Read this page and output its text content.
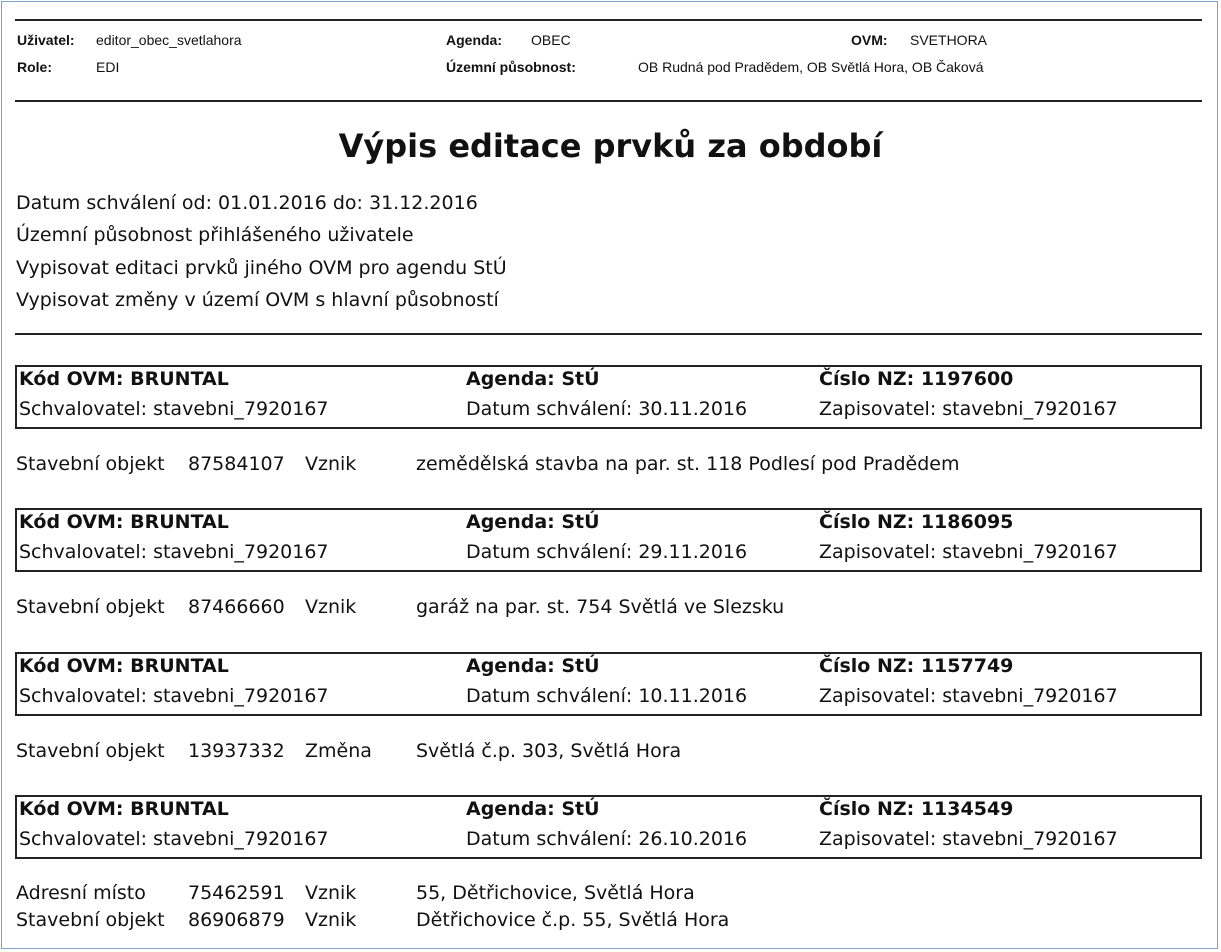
Uživatel: editor_obec_svetlahora
Role:	EDI
Agenda: OBEC
Územní působnost:	OB Rudná pod Pradědem, OB Světlá Hora, OB Čaková
OVM: SVETHORA
Výpis editace prvků za období
Datum schválení od: 01.01.2016 do: 31.12.2016
Územní působnost přihlášeného uživatele
Vypisovat editaci prvků jiného OVM pro agendu StÚ
Vypisovat změny v území OVM s hlavní působností
Kód OVM: BRUNTAL	Agenda: StÚ	Číslo NZ: 1197600
Schvalovatel: stavebni_7920167	Datum schválení: 30.11.2016	Zapisovatel: stavebni_7920167
Stavební objekt 87584107 Vznik	zemědělská stavba na par. st. 118 Podlesí pod Pradědem
Kód OVM: BRUNTAL	Agenda: StÚ	Číslo NZ: 1186095
Schvalovatel: stavebni_7920167	Datum schválení: 29.11.2016	Zapisovatel: stavebni_7920167
Stavební objekt 87466660 Vznik	garáž na par. st. 754 Světlá ve Slezsku
Kód OVM: BRUNTAL	Agenda: StÚ	Číslo NZ: 1157749
Schvalovatel: stavebni_7920167	Datum schválení: 10.11.2016	Zapisovatel: stavebni_7920167
Stavební objekt 13937332 Změna Světlá č.p. 303, Světlá Hora
Kód OVM: BRUNTAL	Agenda: StÚ	Číslo NZ: 1134549
Schvalovatel: stavebni_7920167	Datum schválení: 26.10.2016	Zapisovatel: stavebni_7920167
Adresní místo 75462591 Vznik	55, Dětřichovice, Světlá Hora
Stavební objekt 86906879 Vznik	Dětřichovice č.p. 55, Světlá Hora
